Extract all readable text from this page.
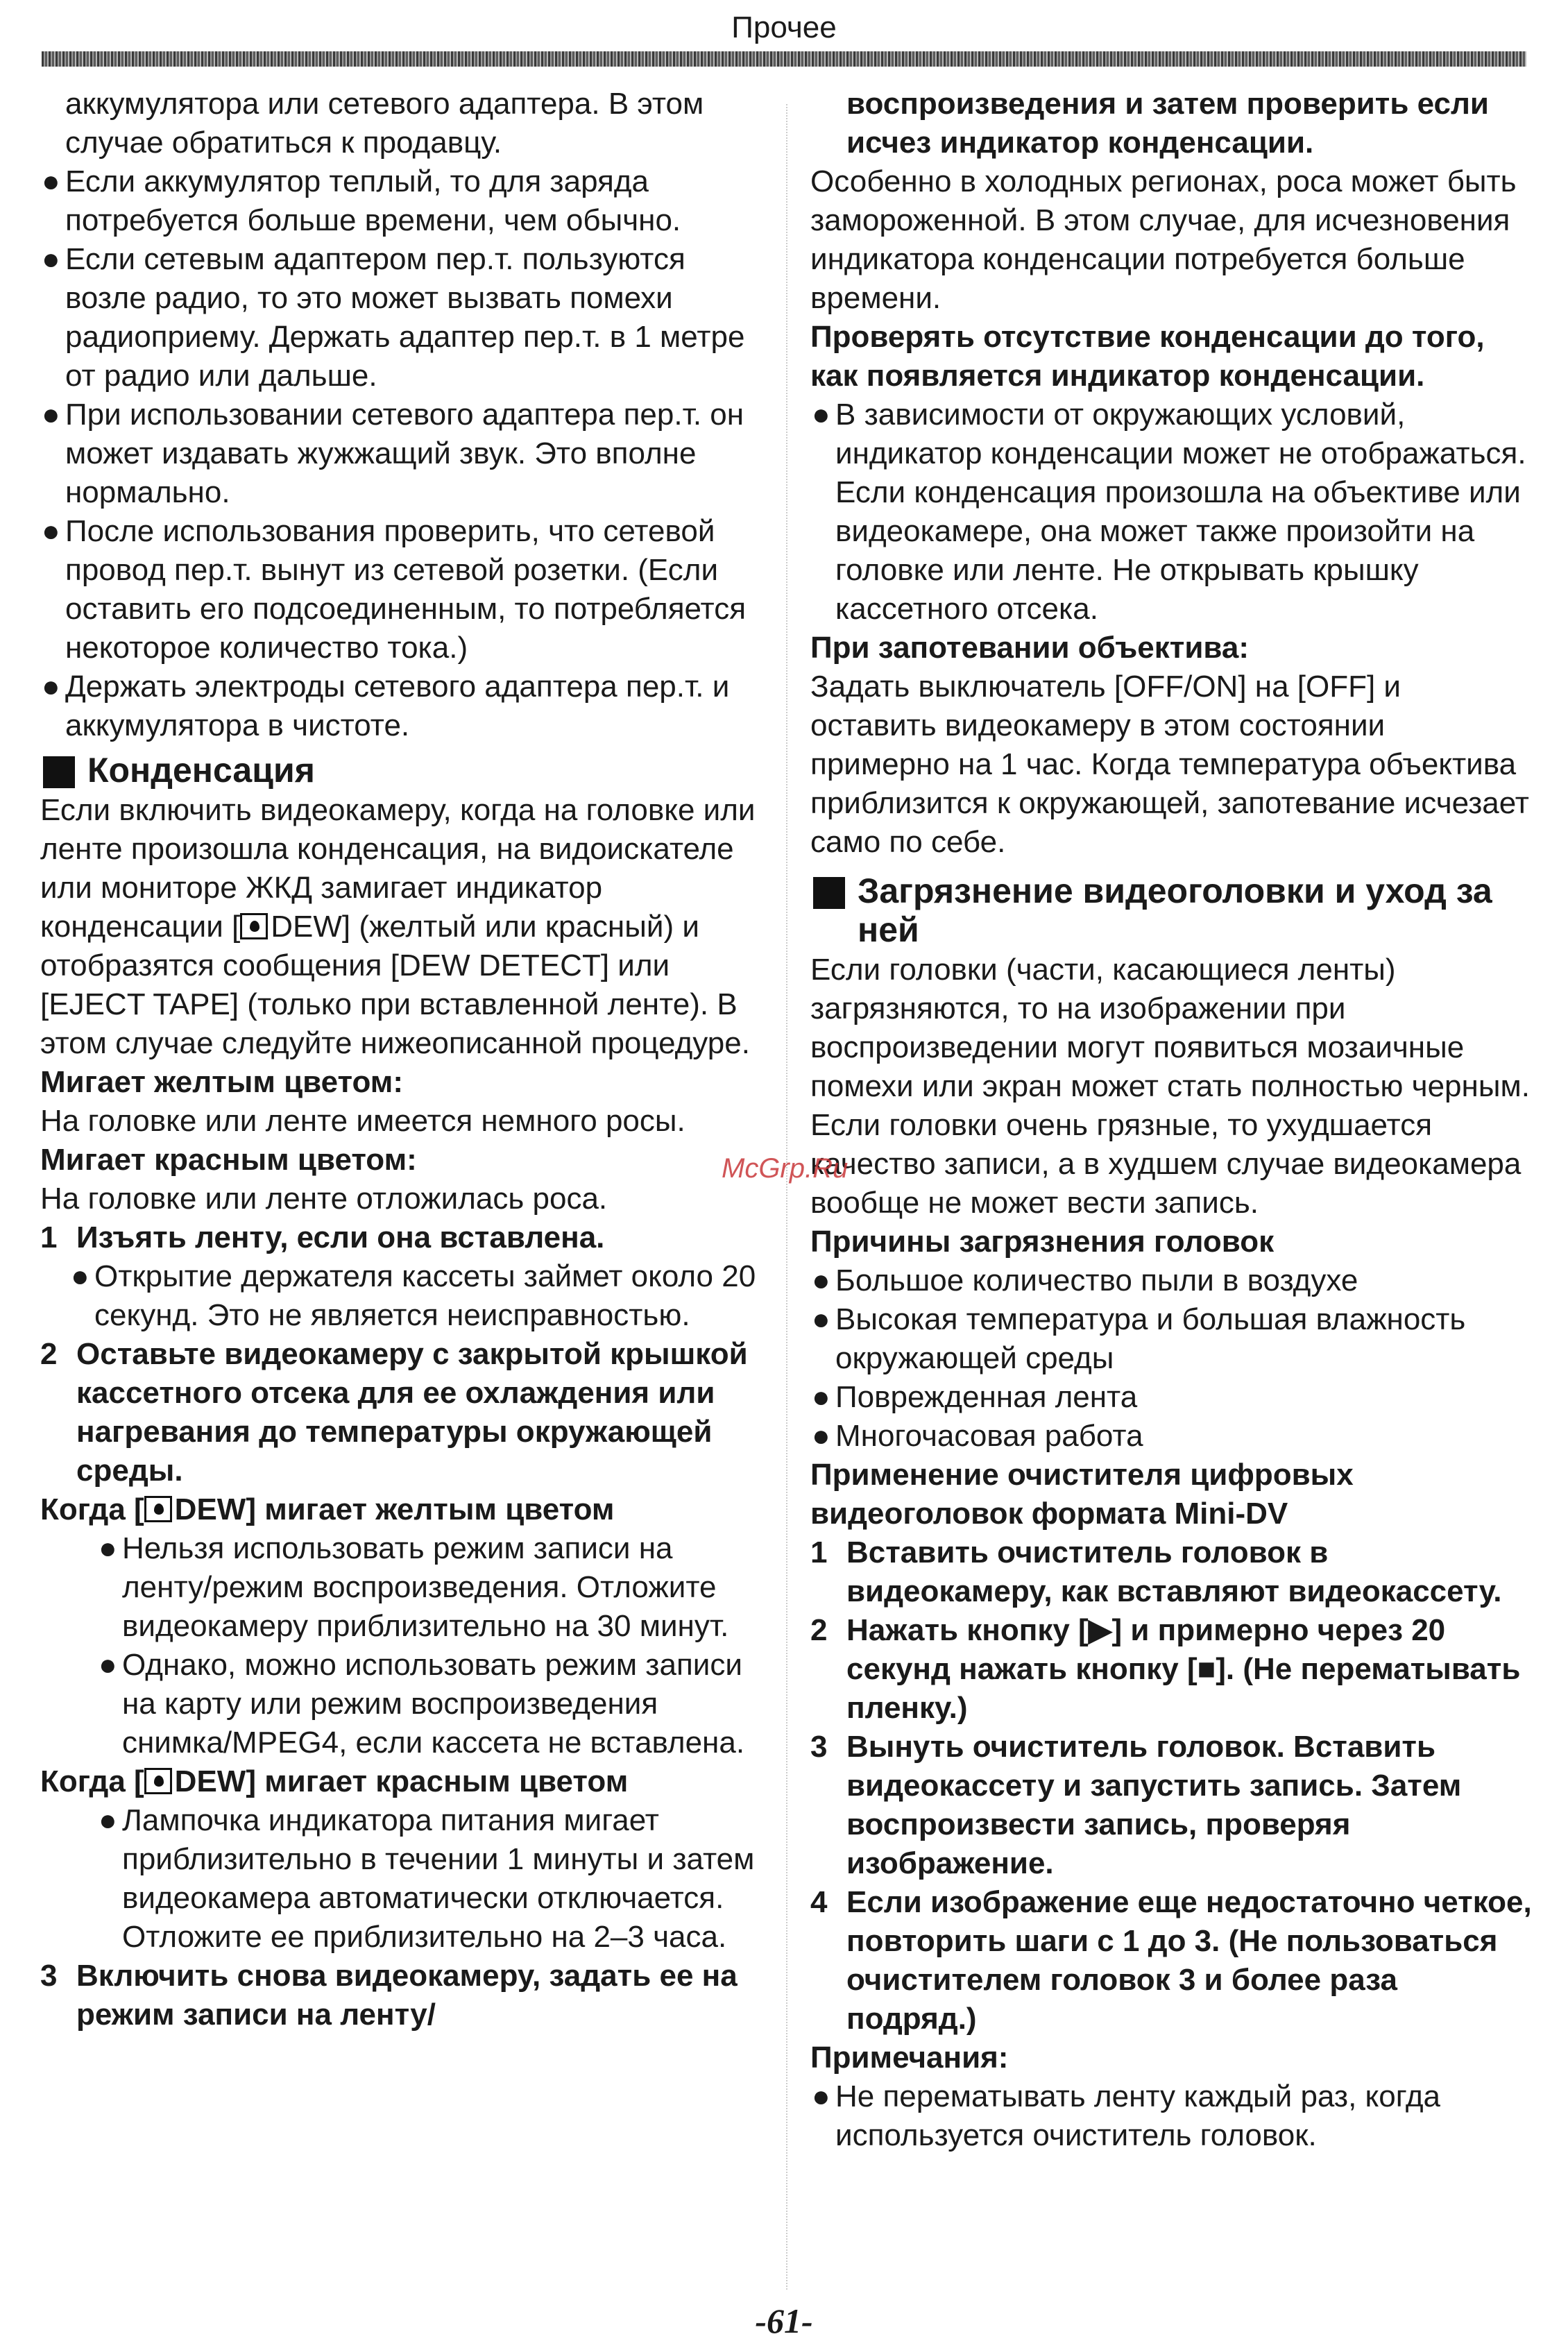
Прочее

аккумулятора или сетевого адаптера. В этом случае обратиться к продавцу.

● Если аккумулятор теплый, то для заряда потребуется больше времени, чем обычно.

● Если сетевым адаптером пер.т. пользуются возле радио, то это может вызвать помехи радиоприему. Держать адаптер пер.т. в 1 метре от радио или дальше.

● При использовании сетевого адаптера пер.т. он может издавать жужжащий звук. Это вполне нормально.

● После использования проверить, что сетевой провод пер.т. вынут из сетевой розетки. (Если оставить его подсоединенным, то потребляется некоторое количество тока.)

● Держать электроды сетевого адаптера пер.т. и аккумулятора в чистоте.

Конденсация

Если включить видеокамеру, когда на головке или ленте произошла конденсация, на видоискателе или мониторе ЖКД замигает индикатор конденсации [ DEW] (желтый или красный) и отобразятся сообщения [DEW DETECT] или [EJECT TAPE] (только при вставленной ленте). В этом случае следуйте нижеописанной процедуре.

Мигает желтым цветом:

На головке или ленте имеется немного росы.

Мигает красным цветом:

На головке или ленте отложилась роса.

1 Изъять ленту, если она вставлена.

● Открытие держателя кассеты займет около 20 секунд. Это не является неисправностью.

2 Оставьте видеокамеру с закрытой крышкой кассетного отсека для ее охлаждения или нагревания до температуры окружающей среды.

Когда [ DEW] мигает желтым цветом

● Нельзя использовать режим записи на ленту/режим воспроизведения. Отложите видеокамеру приблизительно на 30 минут.

● Однако, можно использовать режим записи на карту или режим воспроизведения снимка/MPEG4, если кассета не вставлена.

Когда [ DEW] мигает красным цветом

● Лампочка индикатора питания мигает приблизительно в течении 1 минуты и затем видеокамера автоматически отключается. Отложите ее приблизительно на 2–3 часа.

3 Включить снова видеокамеру, задать ее на режим записи на ленту/

воспроизведения и затем проверить если исчез индикатор конденсации.

Особенно в холодных регионах, роса может быть замороженной. В этом случае, для исчезновения индикатора конденсации потребуется больше времени.

Проверять отсутствие конденсации до того, как появляется индикатор конденсации.

● В зависимости от окружающих условий, индикатор конденсации может не отображаться. Если конденсация произошла на объективе или видеокамере, она может также произойти на головке или ленте. Не открывать крышку кассетного отсека.

При запотевании объектива:

Задать выключатель [OFF/ON] на [OFF] и оставить видеокамеру в этом состоянии примерно на 1 час. Когда температура объектива приблизится к окружающей, запотевание исчезает само по себе.

Загрязнение видеоголовки и уход за ней

Если головки (части, касающиеся ленты) загрязняются, то на изображении при воспроизведении могут появиться мозаичные помехи или экран может стать полностью черным. Если головки очень грязные, то ухудшается качество записи, а в худшем случае видеокамера вообще не может вести запись.

Причины загрязнения головок

● Большое количество пыли в воздухе

● Высокая температура и большая влажность окружающей среды

● Поврежденная лента

● Многочасовая работа

Применение очистителя цифровых видеоголовок формата Mini-DV

1 Вставить очиститель головок в видеокамеру, как вставляют видеокассету.

2 Нажать кнопку [▶] и примерно через 20 секунд нажать кнопку [■]. (Не перематывать пленку.)

3 Вынуть очиститель головок. Вставить видеокассету и запустить запись. Затем воспроизвести запись, проверяя изображение.

4 Если изображение еще недостаточно четкое, повторить шаги с 1 до 3. (Не пользоваться очистителем головок 3 и более раза подряд.)

Примечания:

● Не перематывать ленту каждый раз, когда используется очиститель головок.

McGrp.Ru
-61-
